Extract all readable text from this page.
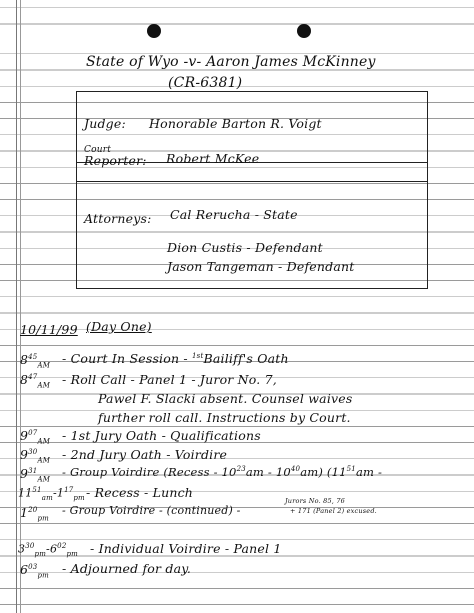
State of Wyo -v- Aaron James McKinney
(CR-6381)
Judge: Honorable Barton R. Voigt
Court
Reporter: Robert McKee
Attorneys: Cal Rerucha - State
Dion Custis - Defendant
Jason Tangeman - Defendant
10/11/99 (Day One)
$8^{45}_{AM}$ - Court In Session - $^{1st}$Bailiff's Oath
$8^{47}_{AM}$ - Roll Call - Panel 1 - Juror No. 7,
Pawel F. Slacki absent. Counsel waives
further roll call. Instructions by Court.
$9^{07}_{AM} - 1st$ Jury Oath - Qualifications
$9^{30}_{AM} - 2nd$ Jury Oath - Voirdire
$9^{31}_{AM}$
- Group Voirdire (Recess - $10^{23}am - 10^{40}am$) ($11^{51}am$ -
$11^{51}_{am}-1^{17}_{pm}$ - Recess - Lunch
$1^{20}_{pm}$
- Group Voirdire - (continued) -
Jurors No. 85, 76
+ 171 (Panel 2) excused.
$3^{30}_{pm}-6^{02}_{pm}$ - Individual Voirdire - Panel 1
$6^{03}_{pm}$ - Adjourned for day.
